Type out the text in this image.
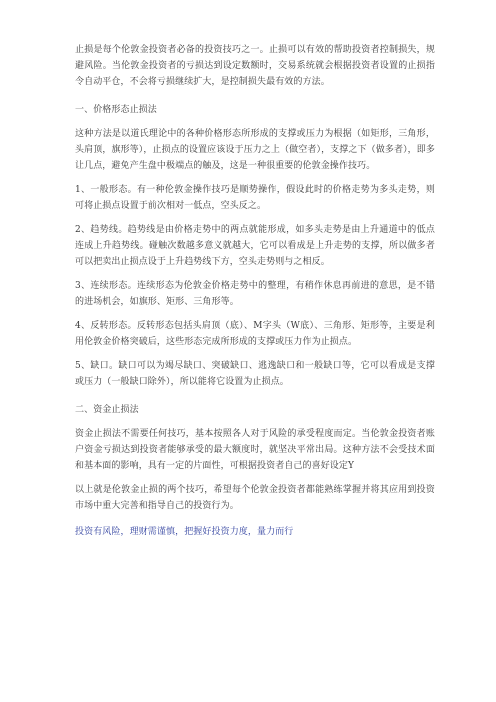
止损是每个伦敦金投资者必备的投资技巧之一。止损可以有效的帮助投资者控制损失，规避风险。当伦敦金投资者的亏损达到设定数额时，交易系统就会根据投资者设置的止损指令自动平仓，不会将亏损继续扩大，是控制损失最有效的方法。

一、价格形态止损法

这种方法是以道氏理论中的各种价格形态所形成的支撑或压力为根据（如矩形，三角形，头肩顶，旗形等），止损点的设置应该设于压力之上（做空者），支撑之下（做多者），即多让几点，避免产生盘中极端点的触及，这是一种很重要的伦敦金操作技巧。

1、一般形态。有一种伦敦金操作技巧是顺势操作，假设此时的价格走势为多头走势，则可将止损点设置于前次相对一低点，空头反之。

2、趋势线。趋势线是由价格走势中的两点就能形成，如多头走势是由上升通道中的低点连成上升趋势线。碰触次数越多意义就越大，它可以看成是上升走势的支撑，所以做多者可以把卖出止损点设于上升趋势线下方，空头走势则与之相反。

3、连续形态。连续形态为伦敦金价格走势中的整理，有稍作休息再前进的意思，是不错的进场机会，如旗形、矩形、三角形等。

4、反转形态。反转形态包括头肩顶（底）、M字头（W底）、三角形、矩形等，主要是利用伦敦金价格突破后，这些形态完成所形成的支撑或压力作为止损点。

5、缺口。缺口可以为竭尽缺口、突破缺口、逃逸缺口和一般缺口等，它可以看成是支撑或压力（一般缺口除外），所以能将它设置为止损点。

二、资金止损法

资金止损法不需要任何技巧，基本按照各人对于风险的承受程度而定。当伦敦金投资者账户资金亏损达到投资者能够承受的最大额度时，就坚决平常出局。这种方法不会受技术面和基本面的影响，具有一定的片面性，可根据投资者自己的喜好设定Y

以上就是伦敦金止损的两个技巧，希望每个伦敦金投资者都能熟练掌握并将其应用到投资市场中重大完善和指导自己的投资行为。

投资有风险，理财需谨慎，把握好投资力度，量力而行
